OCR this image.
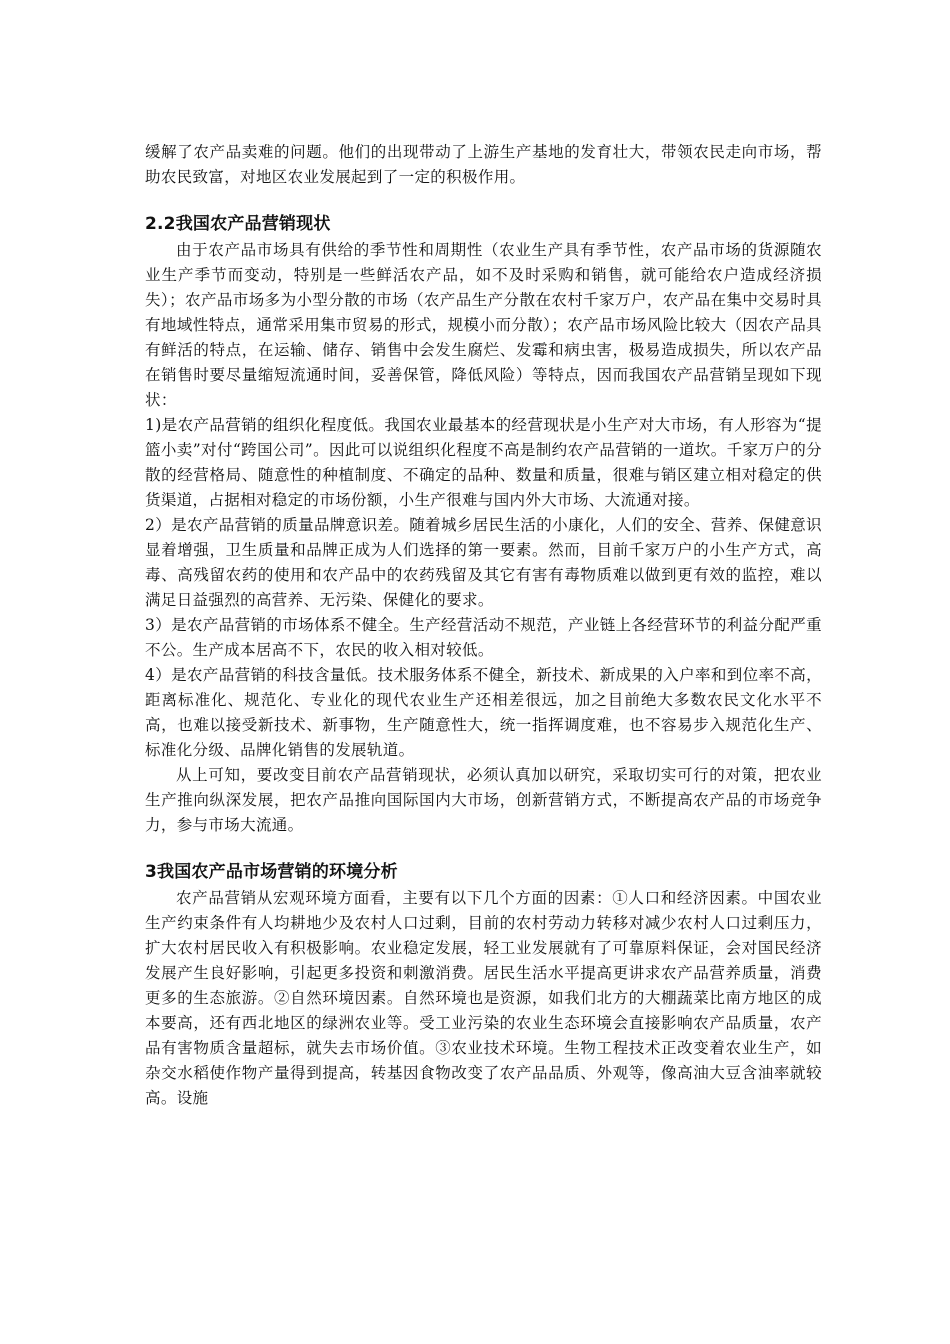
缓解了农产品卖难的问题。他们的出现带动了上游生产基地的发育壮大，带领农民走向市场，帮助农民致富，对地区农业发展起到了一定的积极作用。

2.2我国农产品营销现状

由于农产品市场具有供给的季节性和周期性（农业生产具有季节性，农产品市场的货源随农业生产季节而变动，特别是一些鲜活农产品，如不及时采购和销售，就可能给农户造成经济损失）；农产品市场多为小型分散的市场（农产品生产分散在农村千家万户，农产品在集中交易时具有地域性特点，通常采用集市贸易的形式，规模小而分散）；农产品市场风险比较大（因农产品具有鲜活的特点，在运输、储存、销售中会发生腐烂、发霉和病虫害，极易造成损失，所以农产品在销售时要尽量缩短流通时间，妥善保管，降低风险）等特点，因而我国农产品营销呈现如下现状：

1)是农产品营销的组织化程度低。我国农业最基本的经营现状是小生产对大市场，有人形容为“提篮小卖”对付“跨国公司”。因此可以说组织化程度不高是制约农产品营销的一道坎。千家万户的分散的经营格局、随意性的种植制度、不确定的品种、数量和质量，很难与销区建立相对稳定的供货渠道，占据相对稳定的市场份额，小生产很难与国内外大市场、大流通对接。

2）是农产品营销的质量品牌意识差。随着城乡居民生活的小康化，人们的安全、营养、保健意识显着增强，卫生质量和品牌正成为人们选择的第一要素。然而，目前千家万户的小生产方式，高毒、高残留农药的使用和农产品中的农药残留及其它有害有毒物质难以做到更有效的监控，难以满足日益强烈的高营养、无污染、保健化的要求。

3）是农产品营销的市场体系不健全。生产经营活动不规范，产业链上各经营环节的利益分配严重不公。生产成本居高不下，农民的收入相对较低。

4）是农产品营销的科技含量低。技术服务体系不健全，新技术、新成果的入户率和到位率不高，距离标准化、规范化、专业化的现代农业生产还相差很远，加之目前绝大多数农民文化水平不高，也难以接受新技术、新事物，生产随意性大，统一指挥调度难，也不容易步入规范化生产、标准化分级、品牌化销售的发展轨道。

从上可知，要改变目前农产品营销现状，必须认真加以研究，采取切实可行的对策，把农业生产推向纵深发展，把农产品推向国际国内大市场，创新营销方式，不断提高农产品的市场竞争力，参与市场大流通。

3我国农产品市场营销的环境分析

农产品营销从宏观环境方面看，主要有以下几个方面的因素：①人口和经济因素。中国农业生产约束条件有人均耕地少及农村人口过剩，目前的农村劳动力转移对减少农村人口过剩压力，扩大农村居民收入有积极影响。农业稳定发展，轻工业发展就有了可靠原料保证，会对国民经济发展产生良好影响，引起更多投资和刺激消费。居民生活水平提高更讲求农产品营养质量，消费更多的生态旅游。②自然环境因素。自然环境也是资源，如我们北方的大棚蔬菜比南方地区的成本要高，还有西北地区的绿洲农业等。受工业污染的农业生态环境会直接影响农产品质量，农产品有害物质含量超标，就失去市场价值。③农业技术环境。生物工程技术正改变着农业生产，如杂交水稻使作物产量得到提高，转基因食物改变了农产品品质、外观等，像高油大豆含油率就较高。设施
